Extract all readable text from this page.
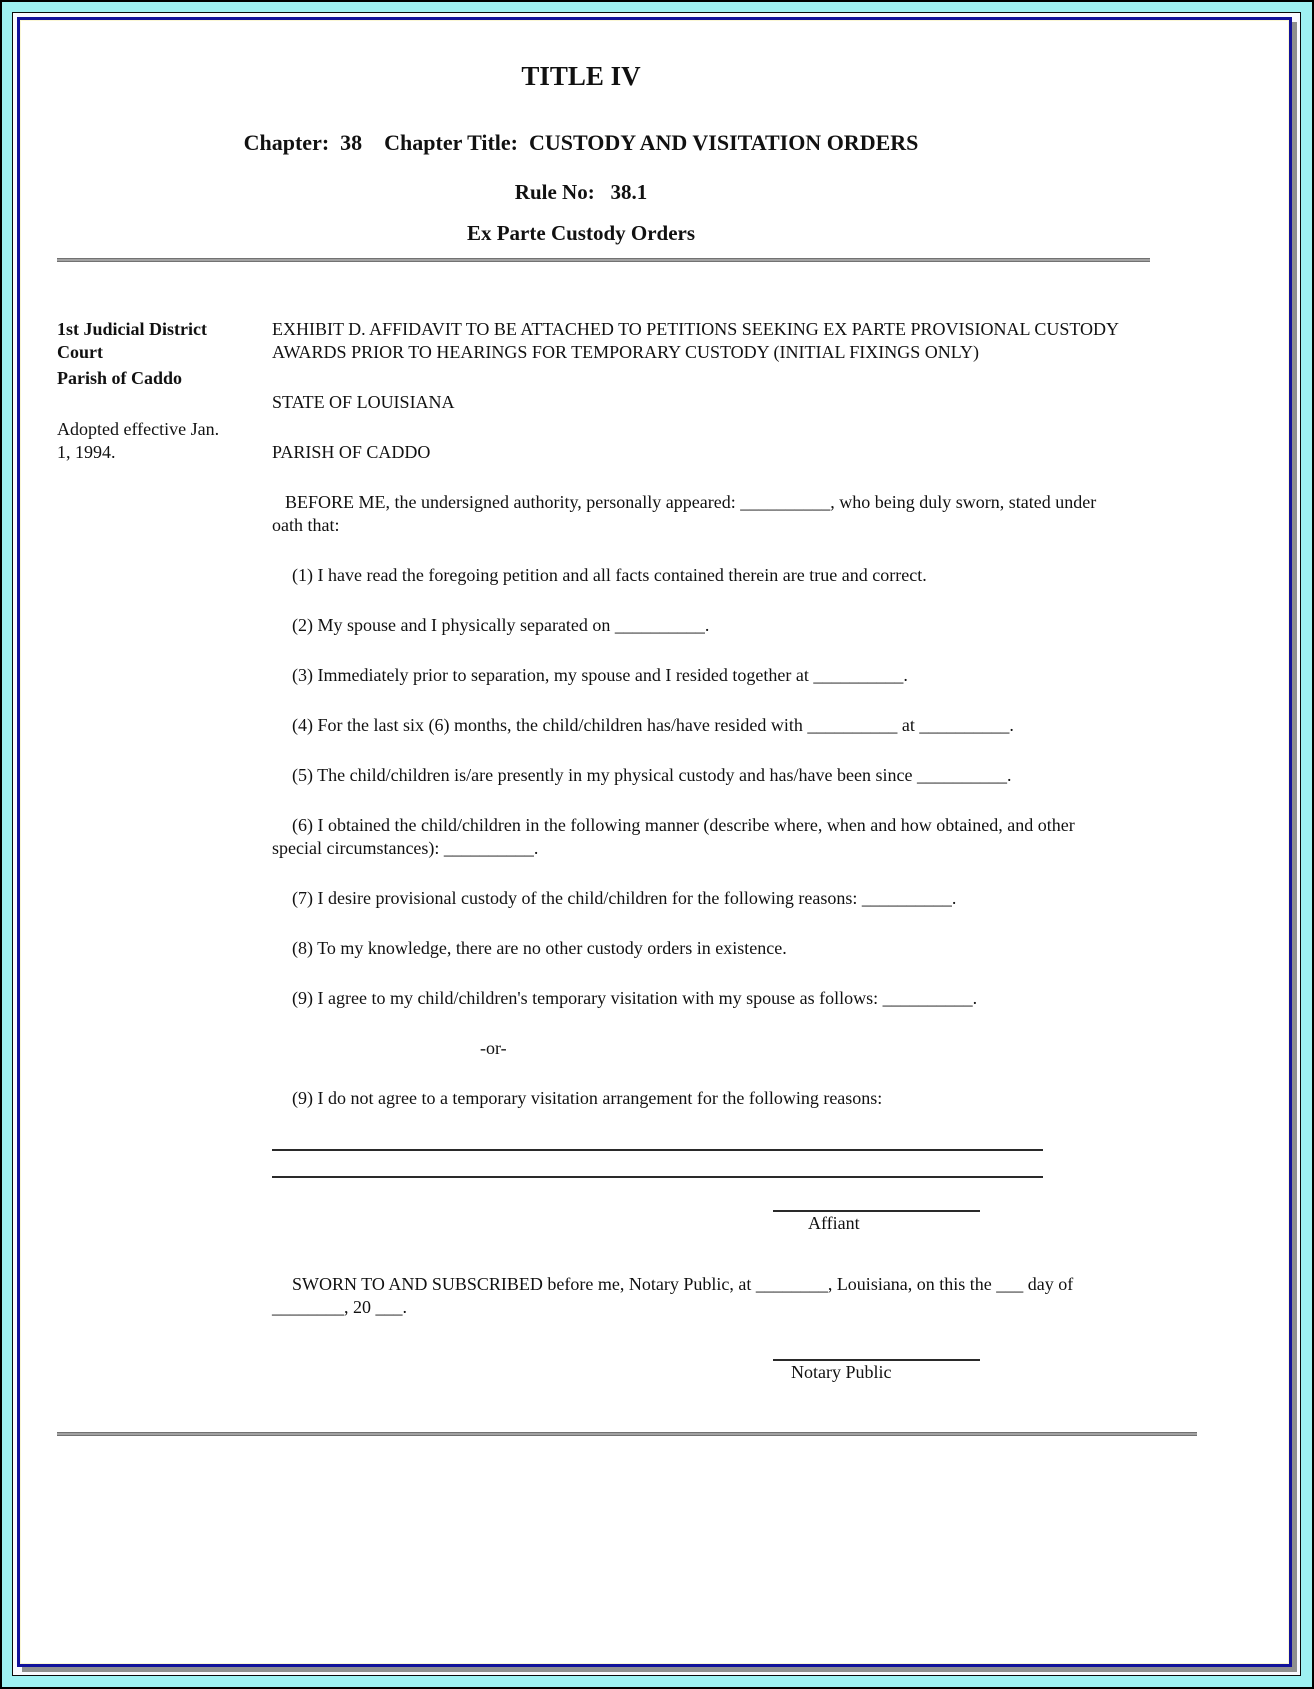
TITLE IV
Chapter:  38    Chapter Title:  CUSTODY AND VISITATION ORDERS
Rule No:   38.1
Ex Parte Custody Orders
1st Judicial District Court
Parish of Caddo
Adopted effective Jan. 1, 1994.
EXHIBIT D. AFFIDAVIT TO BE ATTACHED TO PETITIONS SEEKING EX PARTE PROVISIONAL CUSTODY AWARDS PRIOR TO HEARINGS FOR TEMPORARY CUSTODY (INITIAL FIXINGS ONLY)
STATE OF LOUISIANA
PARISH OF CADDO
BEFORE ME, the undersigned authority, personally appeared: __________, who being duly sworn, stated under oath that:
(1) I have read the foregoing petition and all facts contained therein are true and correct.
(2) My spouse and I physically separated on __________.
(3) Immediately prior to separation, my spouse and I resided together at __________.
(4) For the last six (6) months, the child/children has/have resided with __________ at __________.
(5) The child/children is/are presently in my physical custody and has/have been since __________.
(6) I obtained the child/children in the following manner (describe where, when and how obtained, and other special circumstances): __________.
(7) I desire provisional custody of the child/children for the following reasons: __________.
(8) To my knowledge, there are no other custody orders in existence.
(9) I agree to my child/children's temporary visitation with my spouse as follows: __________.
-or-
(9) I do not agree to a temporary visitation arrangement for the following reasons:
Affiant
SWORN TO AND SUBSCRIBED before me, Notary Public, at ________, Louisiana, on this the ___ day of ________, 20 ___.
Notary Public
